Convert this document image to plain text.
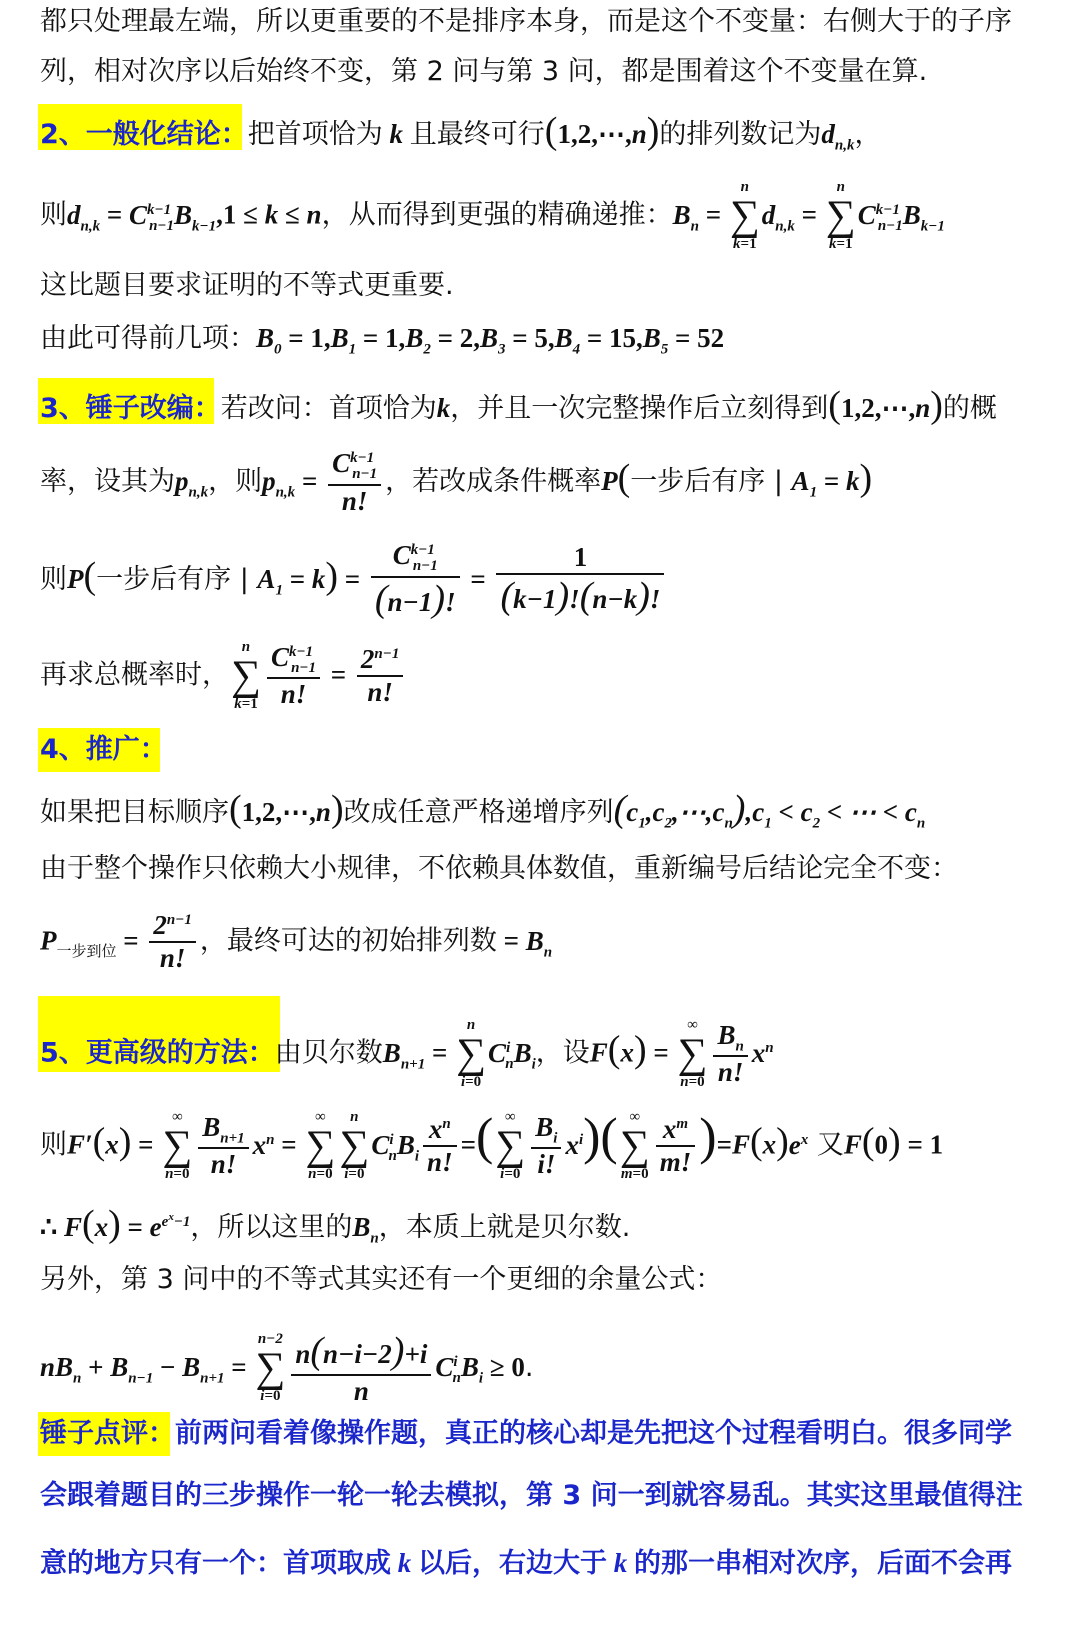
都只处理最左端，所以更重要的不是排序本身，而是这个不变量：右侧大于的子序
列，相对次序以后始终不变，第 2 问与第 3 问，都是围着这个不变量在算.
2、一般化结论：把首项恰为 k 且最终可行(1,2,⋯,n)的排列数记为$d_{n,k}$，
则$d_{n,k} = C^{k-1}_{n-1}B_{k-1},1 \le k \le n$，从而得到更强的精确递推：$B_n$ =
n
∑
k=1
$d_{n,k}$ =
n
∑
k=1
$C^{k-1}_{n-1}B_{k-1}$
这比题目要求证明的不等式更重要.
由此可得前几项：$B_0 = 1,B_1 = 1,B_2 = 2,B_3 = 5,B_4 = 15,B_5 = 52$
3、锤子改编：若改问：首项恰为k，并且一次完整操作后立刻得到(1,2,⋯,n)的概
率，设其为$p_{n,k}$，则$p_{n,k} = \frac{C^{k-1}_{n-1}}{n!}$ ，若改成条件概率P(一步后有序 | $A_1 = k$)
则P(一步后有序 | $A_1 = k) = \frac{C^{k-1}_{n-1}}{(n-1)!} = \frac{1}{(k-1)!(n-k)!}$
再求总概率时，
n
∑
$k=1 \frac{C^{k-1}_{n-1}}{n!} = \frac{2^{n-1}}{n!}$
4、推广：
如果把目标顺序(1,2,⋯,n)改成任意严格递增序列$(c_1,c_2,\cdots,c_n),c_1 < c_2$ < ⋯ < $c_n$
由于整个操作只依赖大小规律，不依赖具体数值，重新编号后结论完全不变：
$P_{一步到位} = \frac{2^{n-1}}{n!}$ ，最终可达的初始排列数 = $B_n$
5、更高级的方法：由贝尔数$B_{n+1}$ =
n
∑
i=0
$C^i_nB_i$，设F(x) =
∞
∑
$n=0 \frac{B_n}{n!} x^n$
则F′(x) =
∞
∑
$n=0 \frac{B_{n+1}}{n!} x^n$ =
∞
∑
n=0
n
∑
i=0
$C^i_nB_i \frac{x^n}{n!}$ =( ∞
∑
$i=0 \frac{B_i}{i!} x^i$)( ∞
∑
$m=0 \frac{x^m}{m!} )=F(x)e^x$ 又F(0) = 1
∴ $F(x) = e^{e^x-1}$，所以这里的$B_n$，本质上就是贝尔数.
另外，第 3 问中的不等式其实还有一个更细的余量公式：
$nB_n + B_{n-1} - B_{n+1}$ =
n−2
∑
$i=0 \frac{n(n-i-2)+i}{n} C^i_nB_i \ge 0$.
锤子点评：前两问看着像操作题，真正的核心却是先把这个过程看明白。很多同学
会跟着题目的三步操作一轮一轮去模拟，第 3 问一到就容易乱。其实这里最值得注
意的地方只有一个：首项取成 k 以后，右边大于 k 的那一串相对次序，后面不会再
